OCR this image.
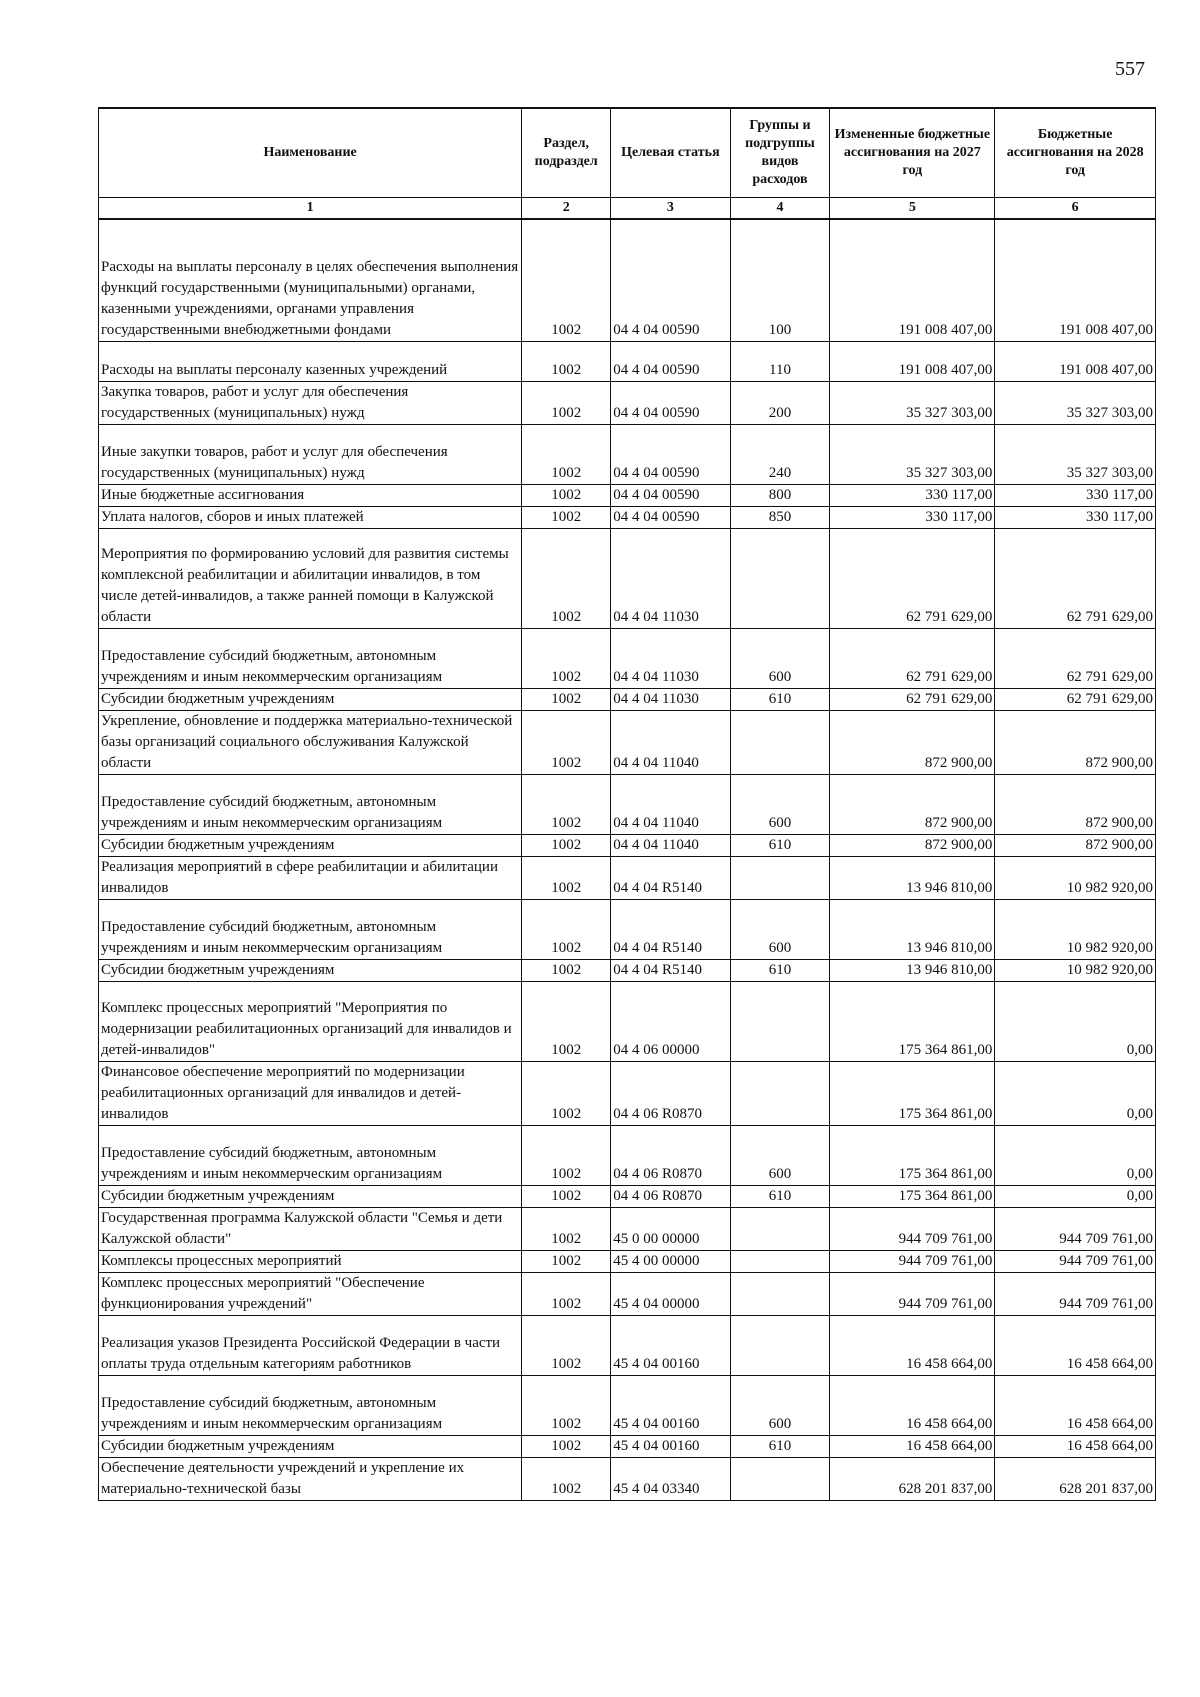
557
Наименование	Раздел, подраздел	Целевая статья	Группы и подгруппы видов расходов	Измененные бюджетные ассигнования на 2027 год	Бюджетные ассигнования на 2028 год
1	2	3	4	5	6
Расходы на выплаты персоналу в целях обеспечения выполнения функций государственными (муниципальными) органами, казенными учреждениями, органами управления государственными внебюджетными фондами	1002	04 4 04 00590	100	191 008 407,00	191 008 407,00
Расходы на выплаты персоналу казенных учреждений	1002	04 4 04 00590	110	191 008 407,00	191 008 407,00
Закупка товаров, работ и услуг для обеспечения государственных (муниципальных) нужд	1002	04 4 04 00590	200	35 327 303,00	35 327 303,00
Иные закупки товаров, работ и услуг для обеспечения государственных (муниципальных) нужд	1002	04 4 04 00590	240	35 327 303,00	35 327 303,00
Иные бюджетные ассигнования	1002	04 4 04 00590	800	330 117,00	330 117,00
Уплата налогов, сборов и иных платежей	1002	04 4 04 00590	850	330 117,00	330 117,00
Мероприятия по формированию условий для развития системы комплексной реабилитации и абилитации инвалидов, в том числе детей-инвалидов, а также ранней помощи в Калужской области	1002	04 4 04 11030		62 791 629,00	62 791 629,00
Предоставление субсидий бюджетным, автономным учреждениям и иным некоммерческим организациям	1002	04 4 04 11030	600	62 791 629,00	62 791 629,00
Субсидии бюджетным учреждениям	1002	04 4 04 11030	610	62 791 629,00	62 791 629,00
Укрепление, обновление и поддержка материально-технической базы организаций социального обслуживания Калужской области	1002	04 4 04 11040		872 900,00	872 900,00
Предоставление субсидий бюджетным, автономным учреждениям и иным некоммерческим организациям	1002	04 4 04 11040	600	872 900,00	872 900,00
Субсидии бюджетным учреждениям	1002	04 4 04 11040	610	872 900,00	872 900,00
Реализация мероприятий в сфере реабилитации и абилитации инвалидов	1002	04 4 04 R5140		13 946 810,00	10 982 920,00
Предоставление субсидий бюджетным, автономным учреждениям и иным некоммерческим организациям	1002	04 4 04 R5140	600	13 946 810,00	10 982 920,00
Субсидии бюджетным учреждениям	1002	04 4 04 R5140	610	13 946 810,00	10 982 920,00
Комплекс процессных мероприятий "Мероприятия по модернизации реабилитационных организаций для инвалидов и детей-инвалидов"	1002	04 4 06 00000		175 364 861,00	0,00
Финансовое обеспечение мероприятий по модернизации реабилитационных организаций для инвалидов и детей-инвалидов	1002	04 4 06 R0870		175 364 861,00	0,00
Предоставление субсидий бюджетным, автономным учреждениям и иным некоммерческим организациям	1002	04 4 06 R0870	600	175 364 861,00	0,00
Субсидии бюджетным учреждениям	1002	04 4 06 R0870	610	175 364 861,00	0,00
Государственная программа Калужской области "Семья и дети Калужской области"	1002	45 0 00 00000		944 709 761,00	944 709 761,00
Комплексы процессных мероприятий	1002	45 4 00 00000		944 709 761,00	944 709 761,00
Комплекс процессных мероприятий "Обеспечение функционирования учреждений"	1002	45 4 04 00000		944 709 761,00	944 709 761,00
Реализация указов Президента Российской Федерации в части оплаты труда отдельным категориям работников	1002	45 4 04 00160		16 458 664,00	16 458 664,00
Предоставление субсидий бюджетным, автономным учреждениям и иным некоммерческим организациям	1002	45 4 04 00160	600	16 458 664,00	16 458 664,00
Субсидии бюджетным учреждениям	1002	45 4 04 00160	610	16 458 664,00	16 458 664,00
Обеспечение деятельности учреждений и укрепление их материально-технической базы	1002	45 4 04 03340		628 201 837,00	628 201 837,00
